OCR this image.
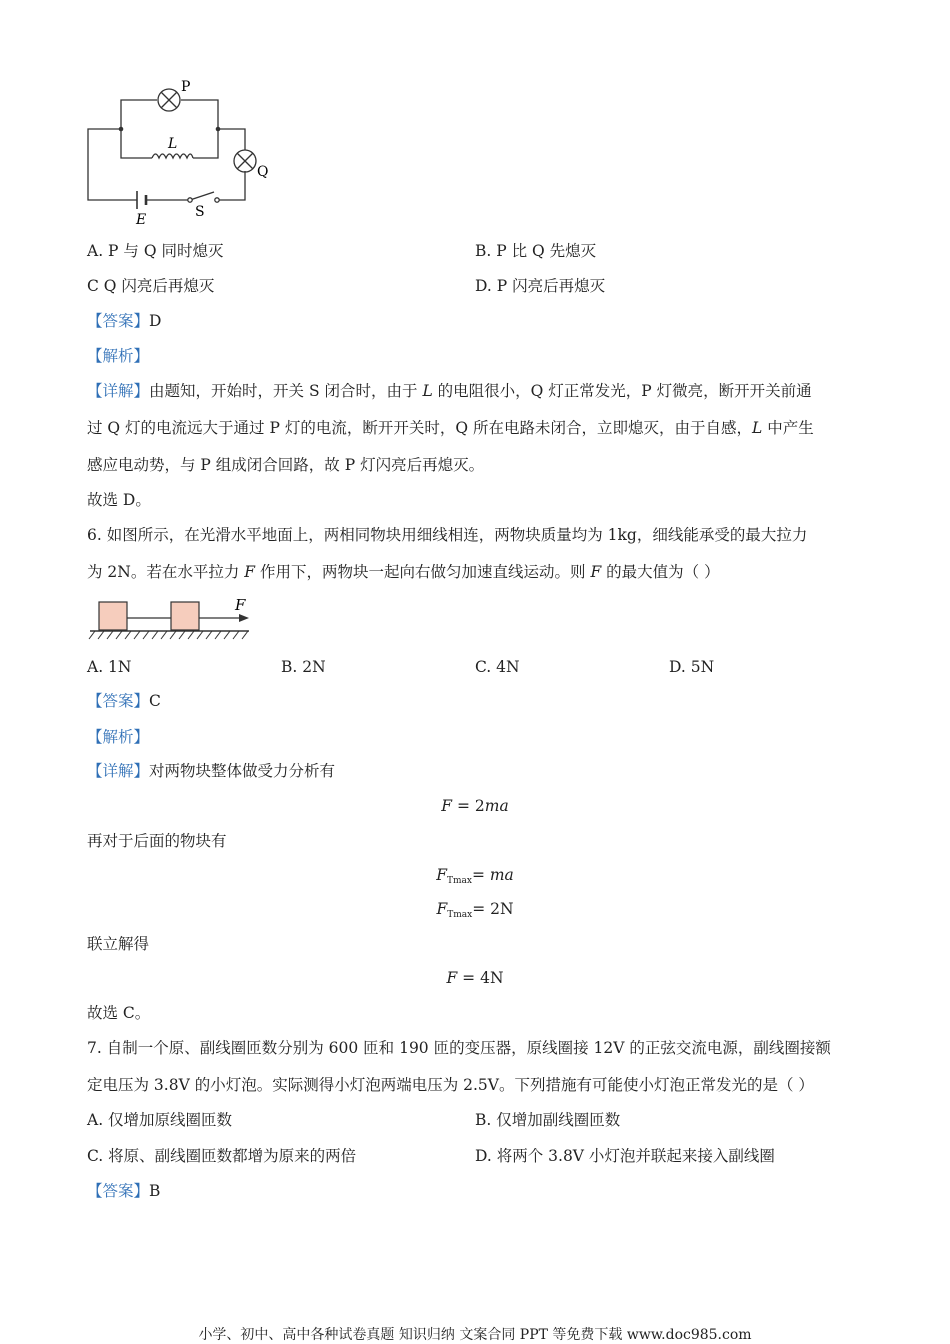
P
L
Q
E	S
A. P 与 Q 同时熄灭	B. P 比 Q 先熄灭
C Q 闪亮后再熄灭	D. P 闪亮后再熄灭
【答案】D
【解析】
【详解】由题知，开始时，开关 S 闭合时，由于 L 的电阻很小，Q 灯正常发光，P 灯微亮，断开开关前通
过 Q 灯的电流远大于通过 P 灯的电流，断开开关时，Q 所在电路未闭合，立即熄灭，由于自感，L 中产生
感应电动势，与 P 组成闭合回路，故 P 灯闪亮后再熄灭。
故选 D。
6. 如图所示，在光滑水平地面上，两相同物块用细线相连，两物块质量均为 1kg，细线能承受的最大拉力
为 2N。若在水平拉力 F 作用下，两物块一起向右做匀加速直线运动。则 F 的最大值为（ ）
F
A. 1N	B. 2N	C. 4N	D. 5N
【答案】C
【解析】
【详解】对两物块整体做受力分析有
F = 2ma
再对于后面的物块有
$F_{Tmax}=$ ma
$F_{Tmax}= 2N$
联立解得
F = 4N
故选 C。
7. 自制一个原、副线圈匝数分别为 600 匝和 190 匝的变压器，原线圈接 12V 的正弦交流电源，副线圈接额
定电压为 3.8V 的小灯泡。实际测得小灯泡两端电压为 2.5V。下列措施有可能使小灯泡正常发光的是（ ）
A. 仅增加原线圈匝数	B. 仅增加副线圈匝数
C. 将原、副线圈匝数都增为原来的两倍	D. 将两个 3.8V 小灯泡并联起来接入副线圈
【答案】B
小学、初中、高中各种试卷真题 知识归纳 文案合同 PPT 等免费下载 www.doc985.com
